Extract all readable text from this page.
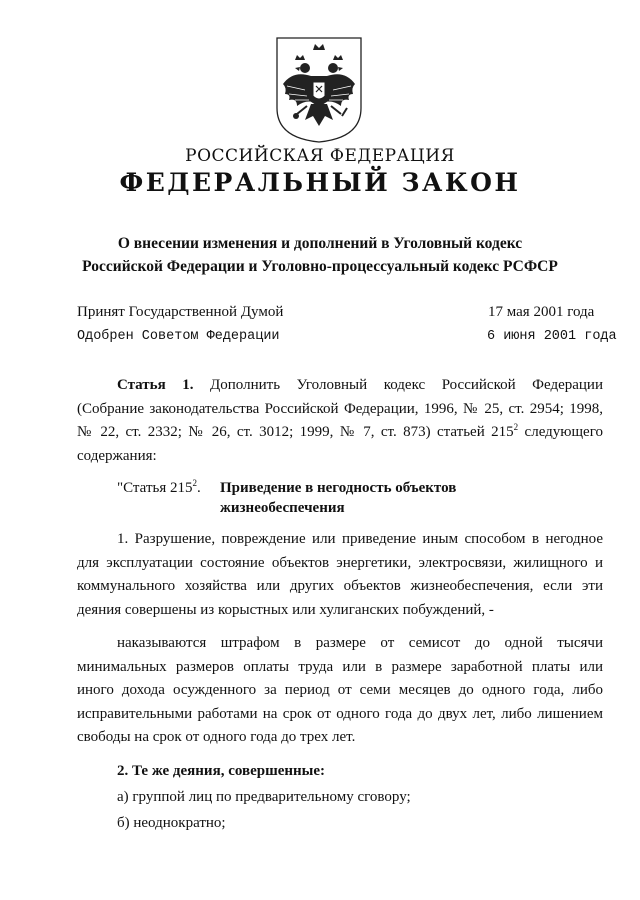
РОССИЙСКАЯ ФЕДЕРАЦИЯ
ФЕДЕРАЛЬНЫЙ ЗАКОН
О внесении изменения и дополнений в Уголовный кодекс
Российской Федерации и Уголовно-процессуальный кодекс РСФСР
Принят Государственной Думой	17 мая 2001 года
Одобрен Советом Федерации	6 июня 2001 года
Статья 1. Дополнить Уголовный кодекс Российской Федерации
(Собрание законодательства Российской Федерации, 1996, № 25, ст. 2954; 1998,
№ 22, ст. 2332; № 26, ст. 3012; 1999, № 7, ст. 873) статьей $215^2$ следующего
содержания:
"Статья $215^2$. Приведение в негодность объектов
жизнеобеспечения
1. Разрушение, повреждение или приведение иным способом в негодное
для эксплуатации состояние объектов энергетики, электросвязи, жилищного и
коммунального хозяйства или других объектов жизнеобеспечения, если эти
деяния совершены из корыстных или хулиганских побуждений, -
наказываются штрафом в размере от семисот до одной тысячи
минимальных размеров оплаты труда или в размере заработной платы или
иного дохода осужденного за период от семи месяцев до одного года, либо
исправительными работами на срок от одного года до двух лет, либо лишением
свободы на срок от одного года до трех лет.
2. Те же деяния, совершенные:
а) группой лиц по предварительному сговору;
б) неоднократно;
